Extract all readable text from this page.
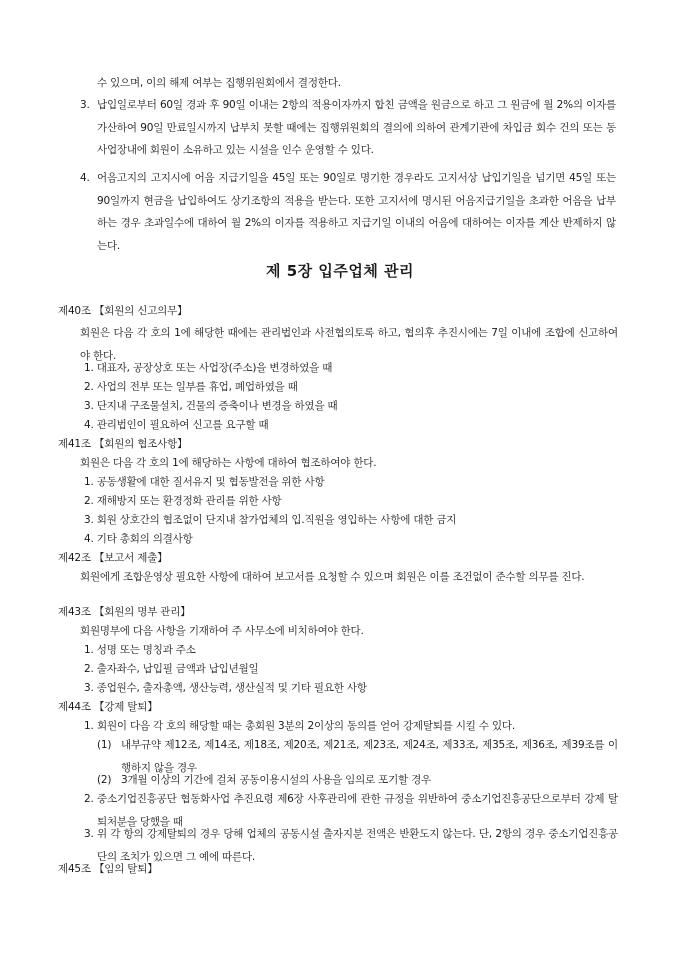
수 있으며, 이의 해제 여부는 집행위원회에서 결정한다.
3. 납입일로부터 60일 경과 후 90일 이내는 2항의 적용이자까지 합친 금액을 원금으로 하고 그 원금에 월 2%의 이자를 가산하여 90일 만료일시까지 납부치 못할 때에는 집행위원회의 결의에 의하여 관계기관에 차입금 회수 건의 또는 동 사업장내에 회원이 소유하고 있는 시설을 인수 운영할 수 있다.
4. 어음고지의 고지시에 어음 지급기일을 45일 또는 90일로 명기한 경우라도 고지서상 납입기일을 넘기면 45일 또는 90일까지 현금을 납입하여도 상기조항의 적용을 받는다. 또한 고지서에 명시된 어음지급기일을 초과한 어음을 납부하는 경우 초과일수에 대하여 월 2%의 이자를 적용하고 지급기일 이내의 어음에 대하여는 이자를 계산 반제하지 않는다.
제 5장 입주업체 관리
제40조 【회원의 신고의무】
회원은 다음 각 호의 1에 해당한 때에는 관리법인과 사전협의토록 하고, 협의후 추진시에는 7일 이내에 조합에 신고하여야 한다.
1. 대표자, 공장상호 또는 사업장(주소)을 변경하였을 때
2. 사업의 전부 또는 일부를 휴업, 폐업하였을 때
3. 단지내 구조물설치, 건물의 증축이나 변경을 하였을 때
4. 관리법인이 필요하여 신고를 요구할 때
제41조 【회원의 협조사항】
회원은 다음 각 호의 1에 해당하는 사항에 대하여 협조하여야 한다.
1. 공동생활에 대한 질서유지 및 협동발전을 위한 사항
2. 재해방지 또는 환경정화 관리를 위한 사항
3. 회원 상호간의 협조없이 단지내 참가업체의 입.직원을 영입하는 사항에 대한 금지
4. 기타 총회의 의결사항
제42조 【보고서 제출】
회원에게 조합운영상 필요한 사항에 대하여 보고서를 요청할 수 있으며 회원은 이를 조건없이 준수할 의무를 진다.
제43조 【회원의 명부 관리】
회원명부에 다음 사항을 기재하여 주 사무소에 비치하여야 한다.
1. 성명 또는 명칭과 주소
2. 출자좌수, 납입필 금액과 납입년월일
3. 종업원수, 출자총액, 생산능력, 생산실적 및 기타 필요한 사항
제44조 【강제 탈퇴】
1. 회원이 다음 각 호의 해당할 때는 총회원 3분의 2이상의 동의를 얻어 강제탈퇴를 시킬 수 있다.
(1) 내부규약 제12조, 제14조, 제18조, 제20조, 제21조, 제23조, 제24조, 제33조, 제35조, 제36조, 제39조를 이행하지 않을 경우
(2) 3개월 이상의 기간에 걸쳐 공동이용시설의 사용을 임의로 포기할 경우
2. 중소기업진흥공단 협동화사업 추진요령 제6장 사후관리에 관한 규정을 위반하여 중소기업진흥공단으로부터 강제 탈퇴처분을 당했을 때
3. 위 각 항의 강제탈퇴의 경우 당해 업체의 공동시설 출자지분 전액은 반환도지 않는다. 단, 2항의 경우 중소기업진흥공단의 조치가 있으면 그 예에 따른다.
제45조 【임의 탈퇴】
